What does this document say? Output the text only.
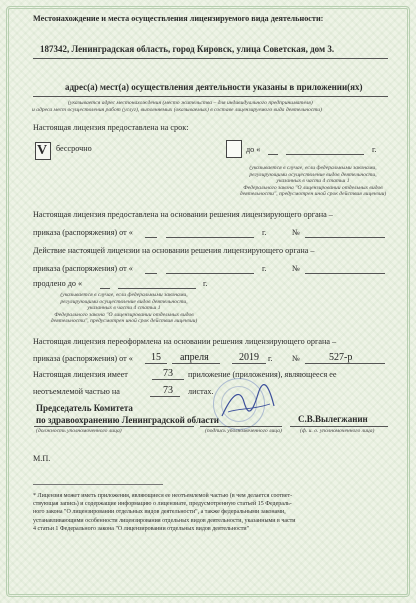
Местонахождение и места осуществления лицензируемого вида деятельности:
187342, Ленинградская область, город Кировск, улица Советская, дом 3.
адрес(а) мест(а) осуществления деятельности указаны в приложении(ях)
(указывается адрес местонахождения (место жительства – для индивидуального предпринимателя)
и адреса мест осуществления работ (услуг), выполняемых (оказываемых) в составе лицензируемого вида деятельности)
Настоящая лицензия предоставлена на срок:
V бессрочно	до «	г.
(указывается в случае, если федеральными законами,
регулирующими осуществление видов деятельности,
указанных в части 4 статьи 1
Федерального закона "О лицензировании отдельных видов
деятельности", предусмотрен иной срок действия лицензии)
Настоящая лицензия предоставлена на основании решения лицензирующего органа –
приказа (распоряжения) от «	г.	№
Действие настоящей лицензии на основании решения лицензирующего органа –
приказа (распоряжения) от «	г.	№
продлено до «	г.
(указывается в случае, если федеральными законами,
регулирующими осуществление видов деятельности,
указанных в части 4 статьи 1
Федерального закона "О лицензировании отдельных видов
деятельности", предусмотрен иной срок действия лицензии)
Настоящая лицензия переоформлена на основании решения лицензирующего органа –
приказа (распоряжения) от « 15 апреля	2019 г. №	527-р
Настоящая лицензия имеет	73 приложение (приложения), являющееся ее
неотъемлемой частью на	73 листах.
Председатель Комитета
по здравоохранению Ленинградской области	С.В.Вылегжанин
(должность уполномоченного лица)	(подпись уполномоченного лица)	(ф. и. о. уполномоченного лица)
М.П.
* Лицензия может иметь приложения, являющиеся ее неотъемлемой частью (в чем делается соответ-
ствующая запись) и содержащие информацию о лицензиате, предусмотренную статьей 15 Федераль-
ного закона "О лицензировании отдельных видов деятельности", а также федеральными законами,
устанавливающими особенности лицензирования отдельных видов деятельности, указанными в части
4 статьи 1 Федерального закона "О лицензировании отдельных видов деятельности"
